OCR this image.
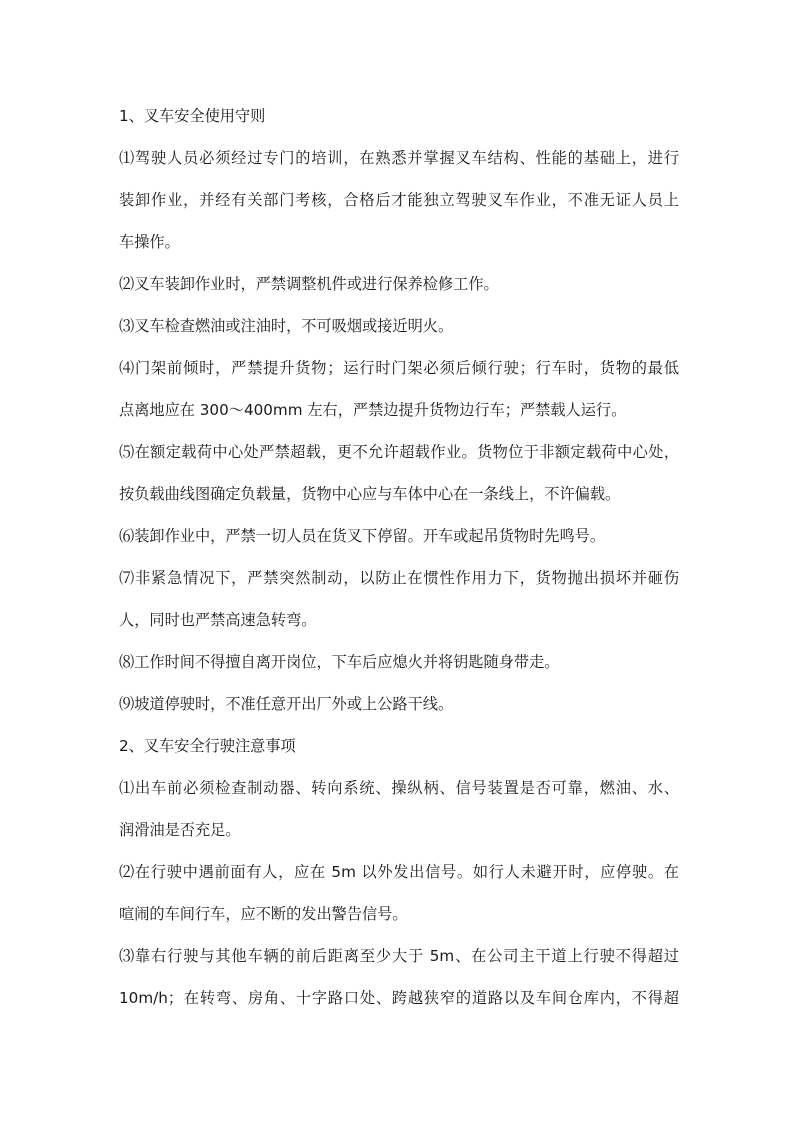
1、叉车安全使用守则
⑴驾驶人员必须经过专门的培训，在熟悉并掌握叉车结构、性能的基础上，进行
装卸作业，并经有关部门考核，合格后才能独立驾驶叉车作业，不准无证人员上
车操作。
⑵叉车装卸作业时，严禁调整机件或进行保养检修工作。
⑶叉车检查燃油或注油时，不可吸烟或接近明火。
⑷门架前倾时，严禁提升货物；运行时门架必须后倾行驶；行车时，货物的最低
点离地应在 300～400mm 左右，严禁边提升货物边行车；严禁载人运行。
⑸在额定载荷中心处严禁超载，更不允许超载作业。货物位于非额定载荷中心处，
按负载曲线图确定负载量，货物中心应与车体中心在一条线上，不许偏载。
⑹装卸作业中，严禁一切人员在货叉下停留。开车或起吊货物时先鸣号。
⑺非紧急情况下，严禁突然制动，以防止在惯性作用力下，货物抛出损坏并砸伤
人，同时也严禁高速急转弯。
⑻工作时间不得擅自离开岗位，下车后应熄火并将钥匙随身带走。
⑼坡道停驶时，不准任意开出厂外或上公路干线。
2、叉车安全行驶注意事项
⑴出车前必须检查制动器、转向系统、操纵柄、信号装置是否可靠，燃油、水、
润滑油是否充足。
⑵在行驶中遇前面有人，应在 5m 以外发出信号。如行人未避开时，应停驶。在
喧闹的车间行车，应不断的发出警告信号。
⑶靠右行驶与其他车辆的前后距离至少大于 5m、在公司主干道上行驶不得超过
10m/h；在转弯、房角、十字路口处、跨越狭窄的道路以及车间仓库内，不得超
